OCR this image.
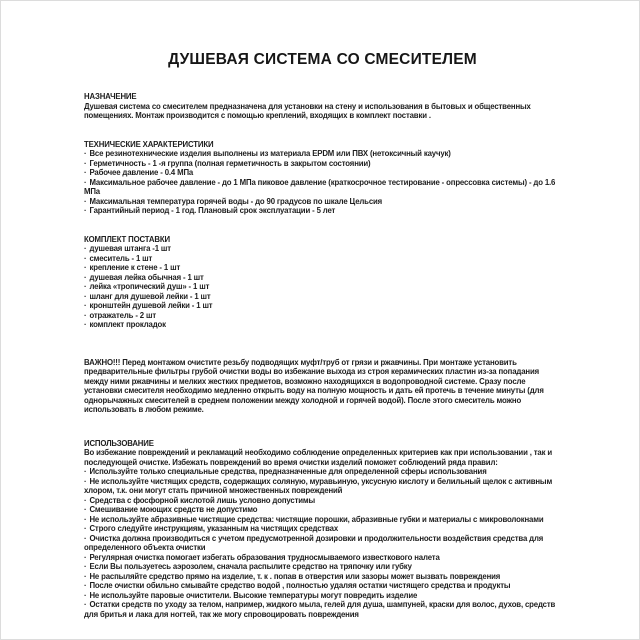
ДУШЕВАЯ СИСТЕМА СО СМЕСИТЕЛЕМ
НАЗНАЧЕНИЕ

Душевая система со смесителем предназначена для установки на стену и использования в бытовых и общественных помещениях. Монтаж производится с помощью креплений, входящих в комплект поставки .

ТЕХНИЧЕСКИЕ ХАРАКТЕРИСТИКИ
· Все резинотехнические изделия выполнены из материала EPDM или ПВХ (нетоксичный каучук)
· Герметичность - 1 -я группа (полная герметичность в закрытом состоянии)
· Рабочее давление - 0.4 МПа
· Максимальное рабочее давление - до 1 МПа пиковое давление (краткосрочное тестирование - опрессовка системы) - до 1.6 МПа
· Максимальная температура горячей воды - до 90 градусов по шкале Цельсия
· Гарантийный период - 1 год. Плановый срок эксплуатации - 5 лет
КОМПЛЕКТ ПОСТАВКИ
· душевая штанга -1 шт
· смеситель - 1 шт
· крепление к стене - 1 шт
· душевая лейка обычная - 1 шт
· лейка «тропический душ» - 1 шт
· шланг для душевой лейки - 1 шт
· кронштейн душевой лейки - 1 шт
· отражатель - 2 шт
· комплект прокладок

ВАЖНО!!! Перед монтажом очистите резьбу подводящих муфт/труб от грязи и ржавчины. При монтаже установить предварительные фильтры грубой очистки воды во избежание выхода из строя керамических пластин из-за попадания между ними ржавчины и мелких жестких предметов, возможно находящихся в водопроводной системе. Сразу после установки смесителя необходимо медленно открыть воду на полную мощность и дать ей протечь в течение минуты (для однорычажных смесителей в среднем положении между холодной и горячей водой). После этого смеситель можно использовать в любом режиме.

ИСПОЛЬЗОВАНИЕ

Во избежание повреждений и рекламаций необходимо соблюдение определенных критериев как при использовании , так и последующей очистке. Избежать повреждений во время очистки изделий поможет соблюдений ряда правил:

· Используйте только специальные средства, предназначенные для определенной сферы использования
· Не используйте чистящих средств, содержащих соляную, муравьиную, уксусную кислоту и белильный щелок с активным хлором, т.к. они могут стать причиной множественных повреждений
· Средства с фосфорной кислотой лишь условно допустимы
· Смешивание моющих средств не допустимо
· Не используйте абразивные чистящие средства: чистящие порошки, абразивные губки и материалы с микроволокнами
· Строго следуйте инструкциям, указанным на чистящих средствах
· Очистка должна производиться с учетом предусмотренной дозировки и продолжительности воздействия средства для определенного объекта очистки
· Регулярная очистка помогает избегать образования трудносмываемого известкового налета
· Если Вы пользуетесь аэрозолем, сначала распылите средство на тряпочку или губку
· Не распыляйте средство прямо на изделие, т. к . попав в отверстия или зазоры может вызвать повреждения
· После очистки обильно смывайте средство водой , полностью удаляя остатки чистящего средства и продукты
· Не используйте паровые очистители. Высокие температуры могут повредить изделие
· Остатки средств по уходу за телом, например, жидкого мыла, гелей для душа, шампуней, краски для волос, духов, средств для бритья и лака для ногтей, так же могу спровоцировать повреждения
